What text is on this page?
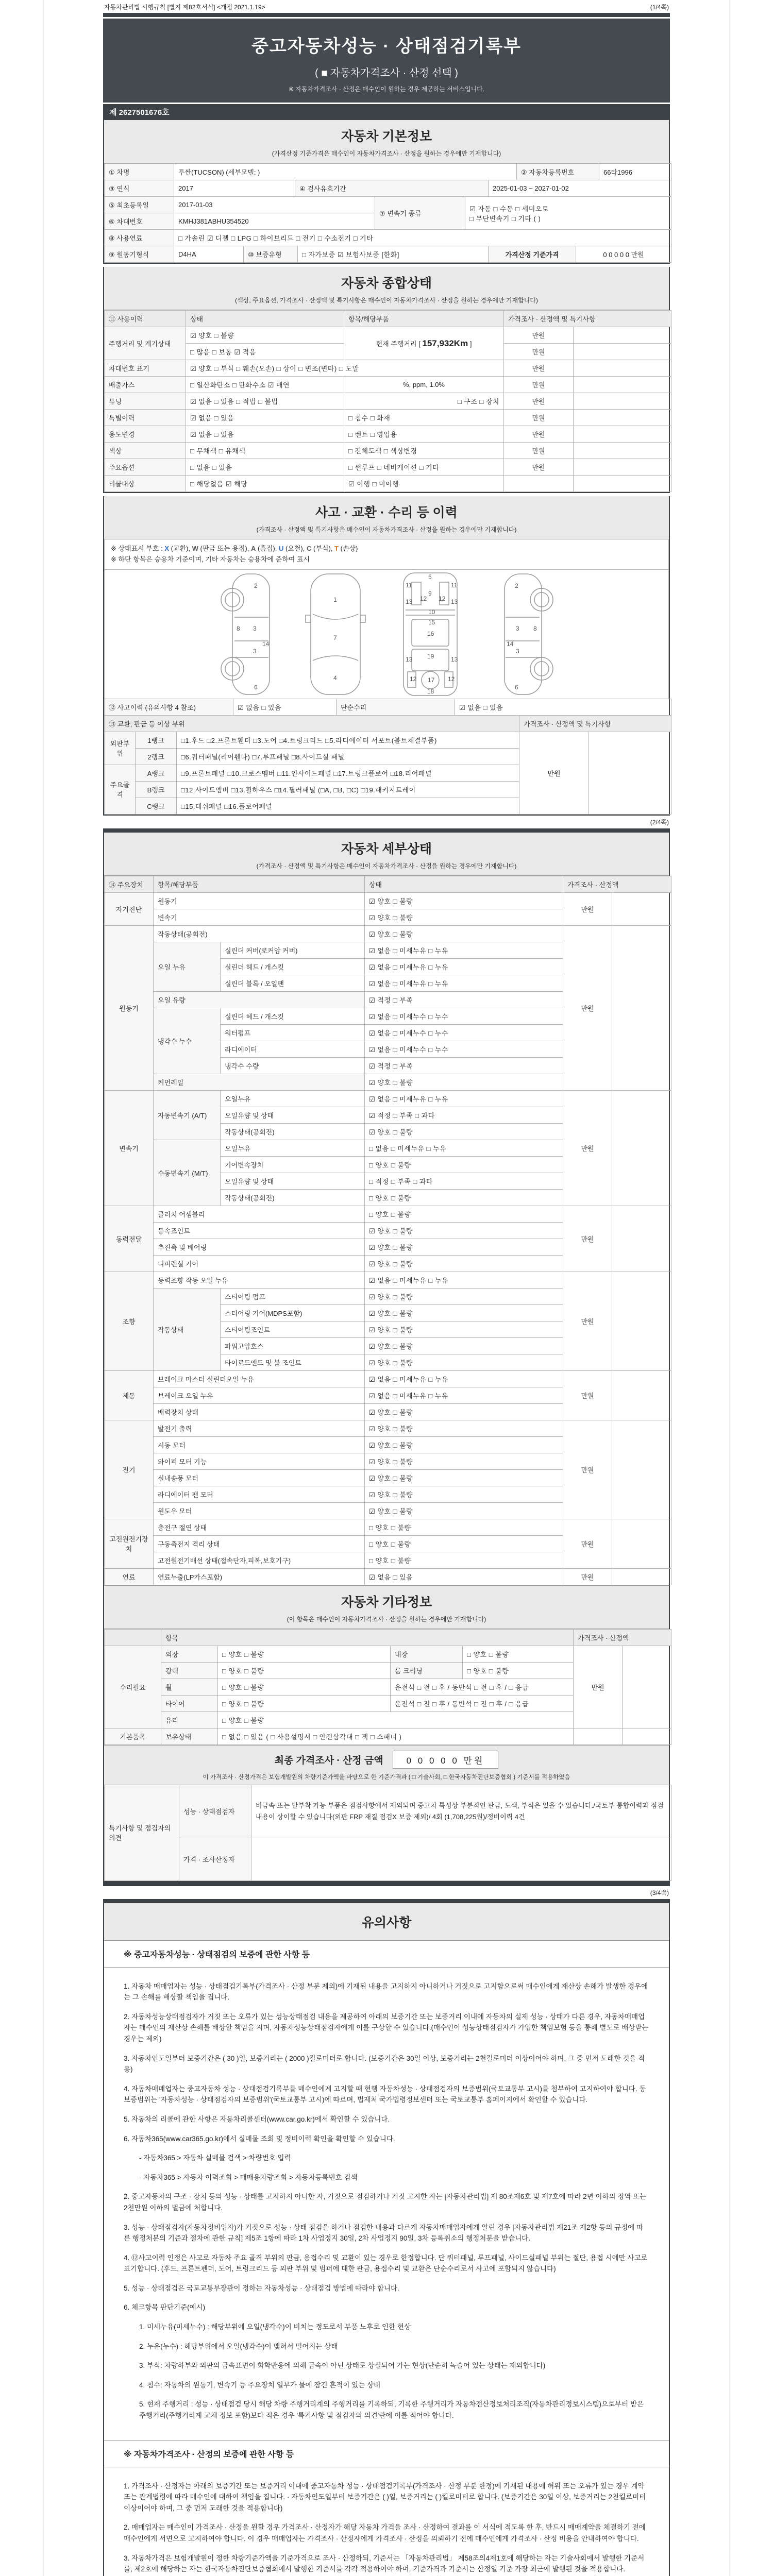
자동차관리법 시행규칙 [별지 제82호서식] <개정 2021.1.19>	(1/4쪽)
중고자동차성능 · 상태점검기록부
( ■ 자동차가격조사 · 산정 선택 )
※ 자동차가격조사 · 산정은 매수인이 원하는 경우 제공하는 서비스입니다.
제 2627501676호
자동차 기본정보
(가격산정 기준가격은 매수인이 자동차가격조사 · 산정을 원하는 경우에만 기재합니다)
① 차명	투싼(TUCSON) (세부모델: )	② 자동차등록번호	66라1996
③ 연식	2017	④ 검사유효기간	2025-01-03 ~ 2027-01-02
⑤ 최초등록일	2017-01-03	⑦ 변속기 종류	☑ 자동 □ 수동 □ 세미오토
□ 무단변속기 □ 기타 ( )

⑥ 차대번호	KMHJ381ABHU354520		
⑧ 사용연료	□ 가솔린 ☑ 디젤 □ LPG □ 하이브리드 □ 전기 □ 수소전기 □ 기타
⑨ 원동기형식	D4HA	⑩ 보증유형	□ 자가보증 ☑ 보험사보증 [한화]	가격산정 기준가격	0 0 0 0 0 만원
자동차 종합상태
(색상, 주요옵션, 가격조사 · 산정액 및 특기사항은 매수인이 자동차가격조사 · 산정을 원하는 경우에만 기재합니다)
⑪ 사용이력	상태	항목/해당부품	가격조사 · 산정액 및 특기사항	
주행거리 및 계기상태	☑ 양호 □ 불량	현재 주행거리 [ 157,932Km ]	만원	
	□ 많음 □ 보통 ☑ 적음		만원	
차대번호 표기	☑ 양호 □ 부식 □ 훼손(오손) □ 상이 □ 변조(변타) □ 도말		만원	
배출가스	□ 일산화탄소 □ 탄화수소 ☑ 매연	%, ppm, 1.0%	만원	
튜닝	☑ 없음 □ 있음 □ 적법 □ 불법	□ 구조 □ 장치	만원	
특별이력	☑ 없음 □ 있음	□ 침수 □ 화재	만원	
용도변경	☑ 없음 □ 있음	□ 렌트 □ 영업용	만원	
색상	□ 무채색 □ 유채색	□ 전체도색 □ 색상변경	만원	
주요옵션	□ 없음 □ 있음	□ 썬루프 □ 네비게이션 □ 기타	만원	
리콜대상	□ 해당없음 ☑ 해당	☑ 이행 □ 미이행		
사고 · 교환 · 수리 등 이력
(가격조사 · 산정액 및 특기사항은 매수인이 자동차가격조사 · 산정을 원하는 경우에만 기재합니다)
※ 상태표시 부호 : X (교환), W (판금 또는 용접), A (흠집), U (요철), C (부식), T (손상)
※ 하단 항목은 승용차 기준이며, 기타 자동차는 승용차에 준하여 표시
2
8 3
14
3
6
1
7
4
5
11	11
9
13	13
12 12
10
15
16
13	13
19
12	12
17
18
2
8
3
14
3
6
⑫ 사고이력 (유의사항 4 참조)	☑ 없음 □ 있음	단순수리	☑ 없음 □ 있음
⑬ 교환, 판금 등 이상 부위			가격조사 · 산정액 및 특기사항	
외판부위	1랭크	□1.후드 □2.프론트휀더 □3.도어 □4.트렁크리드 □5.라디에이터 서포트(볼트체결부품)	만원	
	2랭크	□6.쿼터패널(리어휀다) □7.루프패널 □8.사이드실 패널		
주요골격	A랭크	□9.프론트패널 □10.크로스멤버 □11.인사이드패널 □17.트렁크플로어 □18.리어패널		
	B랭크	□12.사이드멤버 □13.휠하우스 □14.필러패널 (□A, □B, □C) □19.패키지트레이		
	C랭크	□15.대쉬패널 □16.플로어패널		
(2/4쪽)
자동차 세부상태
(가격조사 · 산정액 및 특기사항은 매수인이 자동차가격조사 · 산정을 원하는 경우에만 기재합니다)
⑭ 주요장치	항목/해당부품		상태	가격조사 · 산정액	
자기진단	원동기		☑ 양호 □ 불량	만원	
	변속기		☑ 양호 □ 불량		
원동기	작동상태(공회전)		☑ 양호 □ 불량	만원	
	오일 누유	실린더 커버(로커암 커버)	☑ 없음 □ 미세누유 □ 누유		
		실린더 헤드 / 개스킷	☑ 없음 □ 미세누유 □ 누유		
		실린더 블록 / 오일팬	☑ 없음 □ 미세누유 □ 누유		
	오일 유량		☑ 적정 □ 부족		
	냉각수 누수	실린더 헤드 / 개스킷	☑ 없음 □ 미세누수 □ 누수		
		워터펌프	☑ 없음 □ 미세누수 □ 누수		
		라디에이터	☑ 없음 □ 미세누수 □ 누수		
		냉각수 수량	☑ 적정 □ 부족		
	커먼레일		☑ 양호 □ 불량		
변속기	자동변속기 (A/T)	오일누유	☑ 없음 □ 미세누유 □ 누유	만원	
		오일유량 및 상태	☑ 적정 □ 부족 □ 과다		
		작동상태(공회전)	☑ 양호 □ 불량		
	수동변속기 (M/T)	오일누유	□ 없음 □ 미세누유 □ 누유		
		기어변속장치	□ 양호 □ 불량		
		오일유량 및 상태	□ 적정 □ 부족 □ 과다		
		작동상태(공회전)	□ 양호 □ 불량		
동력전달	클러치 어셈블리		□ 양호 □ 불량	만원	
	등속죠인트		☑ 양호 □ 불량		
	추진축 및 베어링		☑ 양호 □ 불량		
	디퍼렌셜 기어		☑ 양호 □ 불량		
조향	동력조향 작동 오일 누유		☑ 없음 □ 미세누유 □ 누유	만원	
	작동상태	스티어링 펌프	☑ 양호 □ 불량		
		스티어링 기어(MDPS포함)	☑ 양호 □ 불량		
		스티어링조인트	☑ 양호 □ 불량		
		파워고압호스	☑ 양호 □ 불량		
		타이로드엔드 및 볼 조인트	☑ 양호 □ 불량		
제동	브레이크 마스터 실린더오일 누유		☑ 없음 □ 미세누유 □ 누유	만원	
	브레이크 오일 누유		☑ 없음 □ 미세누유 □ 누유		
	배력장치 상태		☑ 양호 □ 불량		
전기	발전기 출력		☑ 양호 □ 불량	만원	
	시동 모터		☑ 양호 □ 불량		
	와이퍼 모터 기능		☑ 양호 □ 불량		
	실내송풍 모터		☑ 양호 □ 불량		
	라디에이터 팬 모터		☑ 양호 □ 불량		
	윈도우 모터		☑ 양호 □ 불량		
고전원전기장치	충전구 절연 상태		□ 양호 □ 불량	만원	
	구동축전지 격리 상태		□ 양호 □ 불량		
	고전원전기배선 상태(접속단자,피복,보호기구)		□ 양호 □ 불량		
연료	연료누출(LP가스포함)		☑ 없음 □ 있음	만원	
자동차 기타정보
(이 항목은 매수인이 자동차가격조사 · 산정을 원하는 경우에만 기재합니다)
	항목				가격조사 · 산정액	
수리필요	외장	□ 양호 □ 불량	내장	□ 양호 □ 불량	만원	
	광택	□ 양호 □ 불량	룸 크리닝	□ 양호 □ 불량		
	휠	□ 양호 □ 불량	운전석 □ 전 □ 후 / 동반석 □ 전 □ 후 / □ 응급			
	타이어	□ 양호 □ 불량	운전석 □ 전 □ 후 / 동반석 □ 전 □ 후 / □ 응급			
	유리	□ 양호 □ 불량				
기본품목	보유상태	□ 없음 □ 있음 ( □ 사용설명서 □ 안전삼각대 □ 잭 □ 스패너 )				
최종 가격조사 · 산정 금액	0 0 0 0 0 만원
이 가격조사 · 산정가격은 보험개발원의 차량기준가액을 바탕으로 한 기준가격과 ( □ 기술사회, □ 한국자동차진단보증협회 ) 기준서를 적용하였음
특기사항 및 점검자의 의견	성능 · 상태점검자	비금속 또는 탈부착 가능 부품은 점검사항에서 제외되며 중고차 특성상 부분적인 판금, 도색, 부식은 있을 수 있습니다./국토부 통합이력과 점검내용이 상이할 수 있습니다(외판 FRP 재질 점검X 보증 제외)/ 4회 (1,708,225원)/정비이력 4건
	가격 · 조사산정자	
(3/4쪽)
유의사항
※ 중고자동차성능 · 상태점검의 보증에 관한 사항 등

1. 자동차 매매업자는 성능 · 상태점검기록부(가격조사 · 산정 부분 제외)에 기재된 내용을 고지하지 아니하거나 거짓으로 고지함으로써 매수인에게 재산상 손해가 발생한 경우에는 그 손해를 배상할 책임을 집니다.

2. 자동차성능상태점검자가 거짓 또는 오류가 있는 성능상태점검 내용을 제공하여 아래의 보증기간 또는 보증거리 이내에 자동차의 실제 성능 · 상태가 다른 경우, 자동차매매업자는 매수인의 재산상 손해를 배상할 책임을 지며, 자동차성능상태점검자에게 이를 구상할 수 있습니다.(매수인이 성능상태점검자가 가입한 책임보험 등을 통해 별도로 배상받는 경우는 제외)

3. 자동차인도일부터 보증기간은 ( 30 )일, 보증거리는 ( 2000 )킬로미터로 합니다. (보증기간은 30일 이상, 보증거리는 2천킬로미터 이상이어야 하며, 그 중 먼저 도래한 것을 적용)

4. 자동차매매업자는 중고자동차 성능 · 상태점검기록부를 매수인에게 고지할 때 현행 자동차성능 · 상태점검자의 보증범위(국토교통부 고시)를 첨부하여 고지하여야 합니다. 동 보증범위는 '자동차성능 · 상태점검자의 보증범위'(국토교통부 고시)에 따르며, 법제처 국가법령정보센터 또는 국토교통부 홈페이지에서 확인할 수 있습니다.

5. 자동차의 리콜에 관한 사항은 자동차리콜센터(www.car.go.kr)에서 확인할 수 있습니다.

6. 자동차365(www.car365.go.kr)에서 실매물 조회 및 정비이력 확인을 확인할 수 있습니다.

- 자동차365 > 자동차 실매물 검색 > 차량번호 입력

- 자동차365 > 자동차 이력조회 > 매매용차량조회 > 자동차등록번호 검색

2. 중고자동차의 구조 · 장치 등의 성능 · 상태를 고지하지 아니한 자, 거짓으로 점검하거나 거짓 고지한 자는 [자동차관리법] 제 80조제6호 및 제7호에 따라 2년 이하의 징역 또는 2천만원 이하의 벌금에 처합니다.

3. 성능 · 상태점검자(자동차정비업자)가 거짓으로 성능 · 상태 점검을 하거나 점검한 내용과 다르게 자동차매매업자에게 알린 경우 [자동차관리법 제21조 제2항 등의 규정에 따른 행정처분의 기준과 절차에 관한 규칙] 제5조 1항에 따라 1차 사업정지 30일, 2차 사업정지 90일, 3차 등록취소의 행정처분을 받습니다.

4. ⑫사고이력 인정은 사고로 자동차 주요 골격 부위의 판금, 용접수리 및 교환이 있는 경우로 한정합니다. 단 쿼터패널, 루프패널, 사이드실패널 부위는 절단, 용접 시에만 사고로 표기합니다. (후드, 프론트펜더, 도어, 트렁크리드 등 외판 부위 및 범퍼에 대한 판금, 용접수리 및 교환은 단순수리로서 사고에 포함되지 않습니다)

5. 성능 · 상태점검은 국토교통부장관이 정하는 자동차성능 · 상태점검 방법에 따라야 합니다.

6. 체크항목 판단기준(예시)

1. 미세누유(미세누수) : 해당부위에 오일(냉각수)이 비치는 정도로서 부품 노후로 인한 현상

2. 누유(누수) : 해당부위에서 오일(냉각수)이 맺혀서 떨어지는 상태

3. 부식: 차량하부와 외판의 금속표면이 화학반응에 의해 금속이 아닌 상태로 상실되어 가는 현상(단순히 녹슬어 있는 상태는 제외합니다)

4. 침수: 자동차의 원동기, 변속기 등 주요장치 일부가 물에 잠긴 흔적이 있는 상태

5. 현재 주행거리 : 성능 · 상태점검 당시 해당 차량 주행거리계의 주행거리를 기록하되, 기록한 주행거리가 자동차전산정보처리조직(자동차관리정보시스템)으로부터 받은 주행거리(주행거리계 교체 정보 포함)보다 적은 경우 '특기사항 및 점검자의 의견'란에 이를 적어야 합니다.

※ 자동차가격조사 · 산정의 보증에 관한 사항 등

1. 가격조사 · 산정자는 아래의 보증기간 또는 보증거리 이내에 중고자동차 성능 · 상태점검기록부(가격조사 · 산정 부분 한정)에 기재된 내용에 허위 또는 오류가 있는 경우 계약 또는 관계법령에 따라 매수인에 대하여 책임을 집니다. · 자동차인도일부터 보증기간은 ( )일, 보증거리는 ( )킬로미터로 합니다. (보증기간은 30일 이상, 보증거리는 2천킬로미터 이상이어야 하며, 그 중 먼저 도래한 것을 적용합니다)

2. 매매업자는 매수인이 가격조사 · 산정을 원할 경우 가격조사 · 산정자가 해당 자동차 가격을 조사 · 산정하여 결과를 이 서식에 적도록 한 후, 반드시 매매계약을 체결하기 전에 매수인에게 서면으로 고지하여야 합니다. 이 경우 매매업자는 가격조사 · 산정자에게 가격조사 · 산정을 의뢰하기 전에 매수인에게 가격조사 · 산정 비용을 안내하여야 합니다.

3. 자동차가격은 보험개발원이 정한 차량기준가액을 기준가격으로 조사 · 산정하되, 기준서는 「자동차관리법」 제58조의4제1호에 해당하는 자는 기술사회에서 발행한 기준서를, 제2호에 해당하는 자는 한국자동차진단보증협회에서 발행한 기준서를 각각 적용하여야 하며, 기준가격과 기준서는 산정일 기준 가장 최근에 발행된 것을 적용합니다.
